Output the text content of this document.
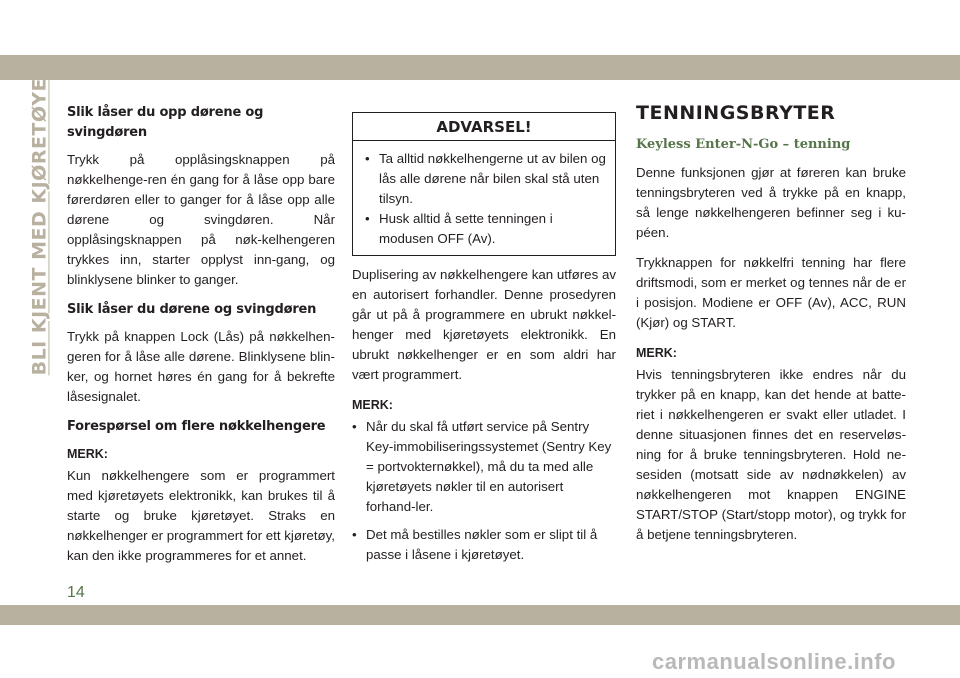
BLI KJENT MED KJØRETØYET Slik låser du opp dørene og svingdøren

Trykk på opplåsingsknappen på nøkkelhenge-ren én gang for å låse opp bare førerdøren eller to ganger for å låse opp alle dørene og svingdøren. Når opplåsingsknappen på nøk-kelhengeren trykkes inn, starter opplyst inn-gang, og blinklysene blinker to ganger.

Slik låser du dørene og svingdøren

Trykk på knappen Lock (Lås) på nøkkelhen-geren for å låse alle dørene. Blinklysene blin-ker, og hornet høres én gang for å bekrefte låsesignalet.

Forespørsel om flere nøkkelhengere
MERK:

Kun nøkkelhengere som er programmert med kjøretøyets elektronikk, kan brukes til å starte og bruke kjøretøyet. Straks en nøkkelhenger er programmert for ett kjøretøy, kan den ikke programmeres for et annet.

ADVARSEL!
• Ta alltid nøkkelhengerne ut av bilen og lås alle dørene når bilen skal stå uten tilsyn.
• Husk alltid å sette tenningen i modusen OFF (Av).

Duplisering av nøkkelhengere kan utføres av en autorisert forhandler. Denne prosedyren går ut på å programmere en ubrukt nøkkel-henger med kjøretøyets elektronikk. En ubrukt nøkkelhenger er en som aldri har vært programmert.

MERK:
• Når du skal få utført service på Sentry Key-immobiliseringssystemet (Sentry Key = portvokternøkkel), må du ta med alle kjøretøyets nøkler til en autorisert forhand-ler.
• Det må bestilles nøkler som er slipt til å passe i låsene i kjøretøyet.
TENNINGSBRYTER
Keyless Enter-N-Go – tenning

Denne funksjonen gjør at føreren kan bruke tenningsbryteren ved å trykke på en knapp, så lenge nøkkelhengeren befinner seg i ku-péen.

Trykknappen for nøkkelfri tenning har flere driftsmodi, som er merket og tennes når de er i posisjon. Modiene er OFF (Av), ACC, RUN (Kjør) og START.

MERK:

Hvis tenningsbryteren ikke endres når du trykker på en knapp, kan det hende at batte-riet i nøkkelhengeren er svakt eller utladet. I denne situasjonen finnes det en reserveløs-ning for å bruke tenningsbryteren. Hold ne-sesiden (motsatt side av nødnøkkelen) av nøkkelhengeren mot knappen ENGINE START/STOP (Start/stopp motor), og trykk for å betjene tenningsbryteren.

14
carmanualsonline.info
